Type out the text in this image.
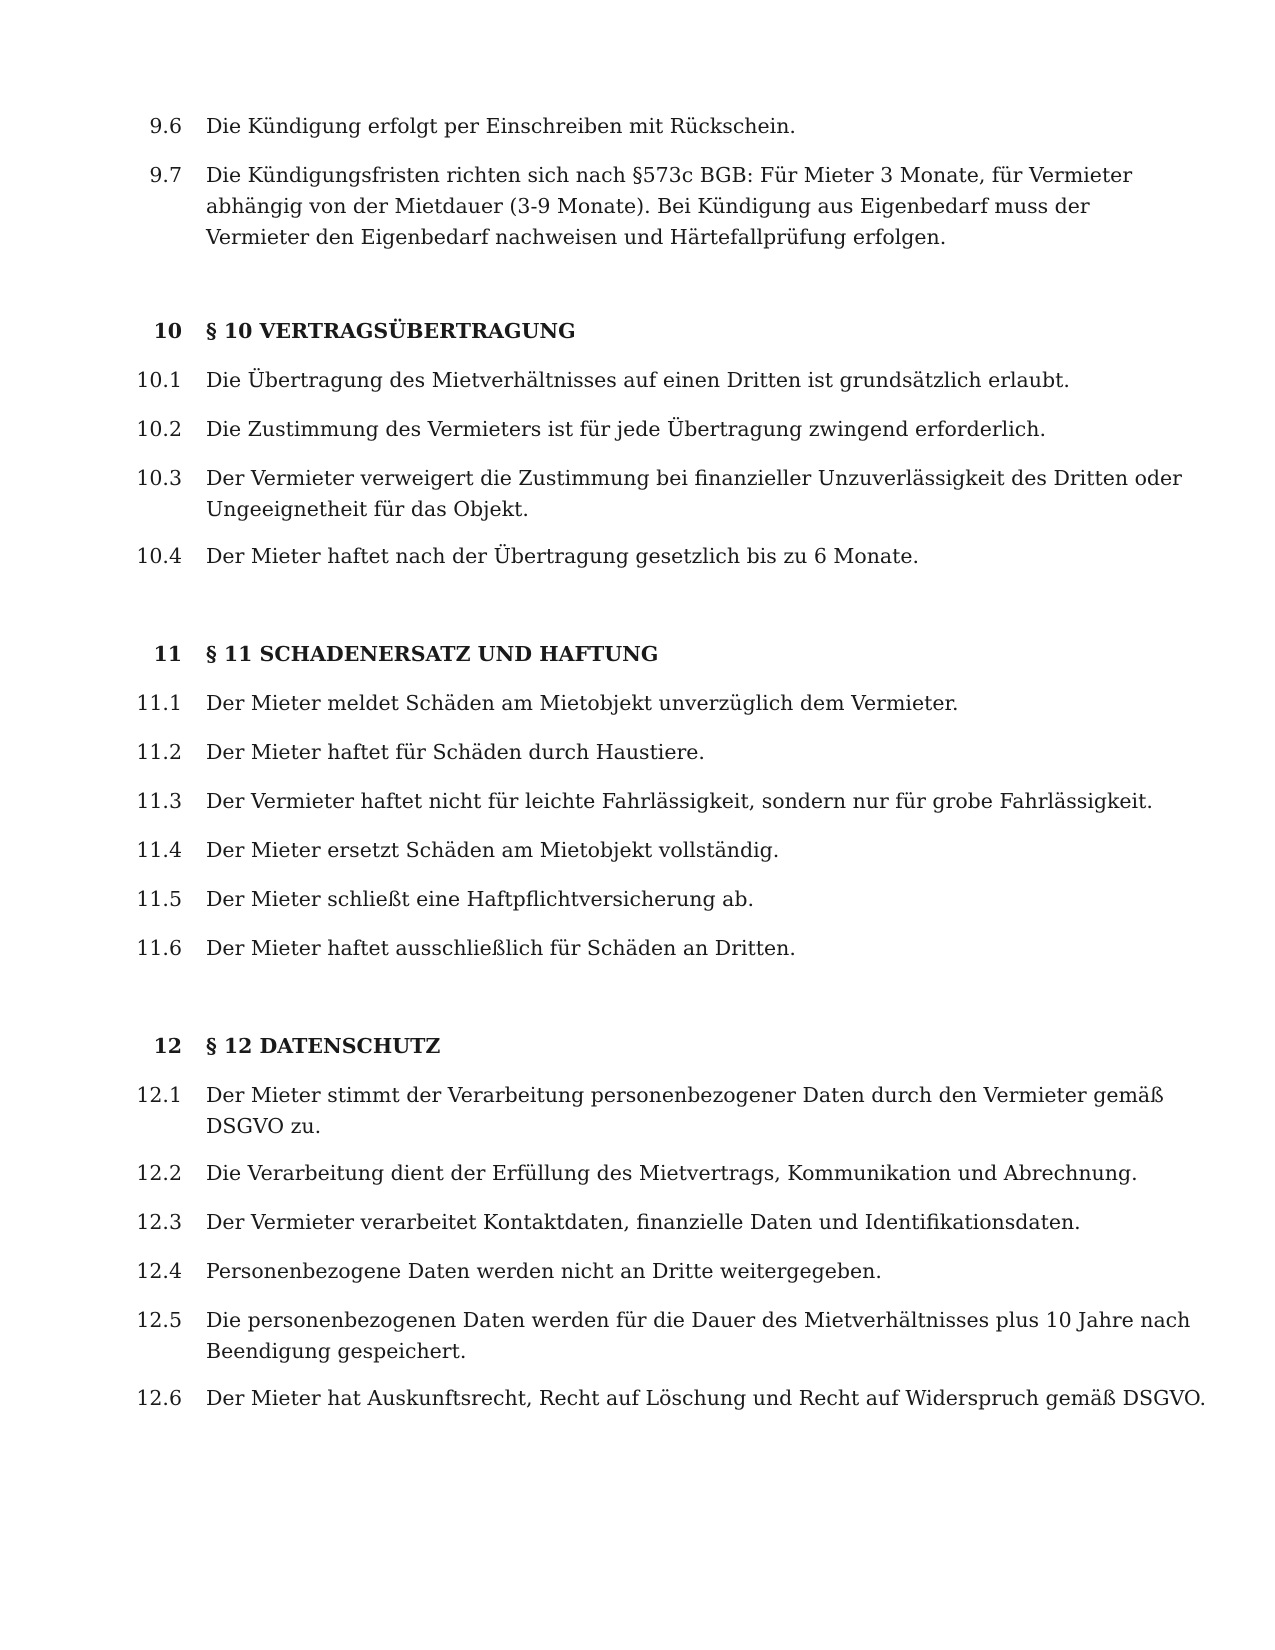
9.6 Die Kündigung erfolgt per Einschreiben mit Rückschein.
9.7 Die Kündigungsfristen richten sich nach §573c BGB: Für Mieter 3 Monate, für Vermieter
abhängig von der Mietdauer (3-9 Monate). Bei Kündigung aus Eigenbedarf muss der
Vermieter den Eigenbedarf nachweisen und Härtefallprüfung erfolgen.
10 § 10 VERTRAGSÜBERTRAGUNG
10.1 Die Übertragung des Mietverhältnisses auf einen Dritten ist grundsätzlich erlaubt.
10.2 Die Zustimmung des Vermieters ist für jede Übertragung zwingend erforderlich.
10.3 Der Vermieter verweigert die Zustimmung bei finanzieller Unzuverlässigkeit des Dritten oder
Ungeeignetheit für das Objekt.
10.4 Der Mieter haftet nach der Übertragung gesetzlich bis zu 6 Monate.
11 § 11 SCHADENERSATZ UND HAFTUNG
11.1 Der Mieter meldet Schäden am Mietobjekt unverzüglich dem Vermieter.
11.2 Der Mieter haftet für Schäden durch Haustiere.
11.3 Der Vermieter haftet nicht für leichte Fahrlässigkeit, sondern nur für grobe Fahrlässigkeit.
11.4 Der Mieter ersetzt Schäden am Mietobjekt vollständig.
11.5 Der Mieter schließt eine Haftpflichtversicherung ab.
11.6 Der Mieter haftet ausschließlich für Schäden an Dritten.
12 § 12 DATENSCHUTZ
12.1 Der Mieter stimmt der Verarbeitung personenbezogener Daten durch den Vermieter gemäß
DSGVO zu.
12.2 Die Verarbeitung dient der Erfüllung des Mietvertrags, Kommunikation und Abrechnung.
12.3 Der Vermieter verarbeitet Kontaktdaten, finanzielle Daten und Identifikationsdaten.
12.4 Personenbezogene Daten werden nicht an Dritte weitergegeben.
12.5 Die personenbezogenen Daten werden für die Dauer des Mietverhältnisses plus 10 Jahre nach
Beendigung gespeichert.
12.6 Der Mieter hat Auskunftsrecht, Recht auf Löschung und Recht auf Widerspruch gemäß DSGVO.
